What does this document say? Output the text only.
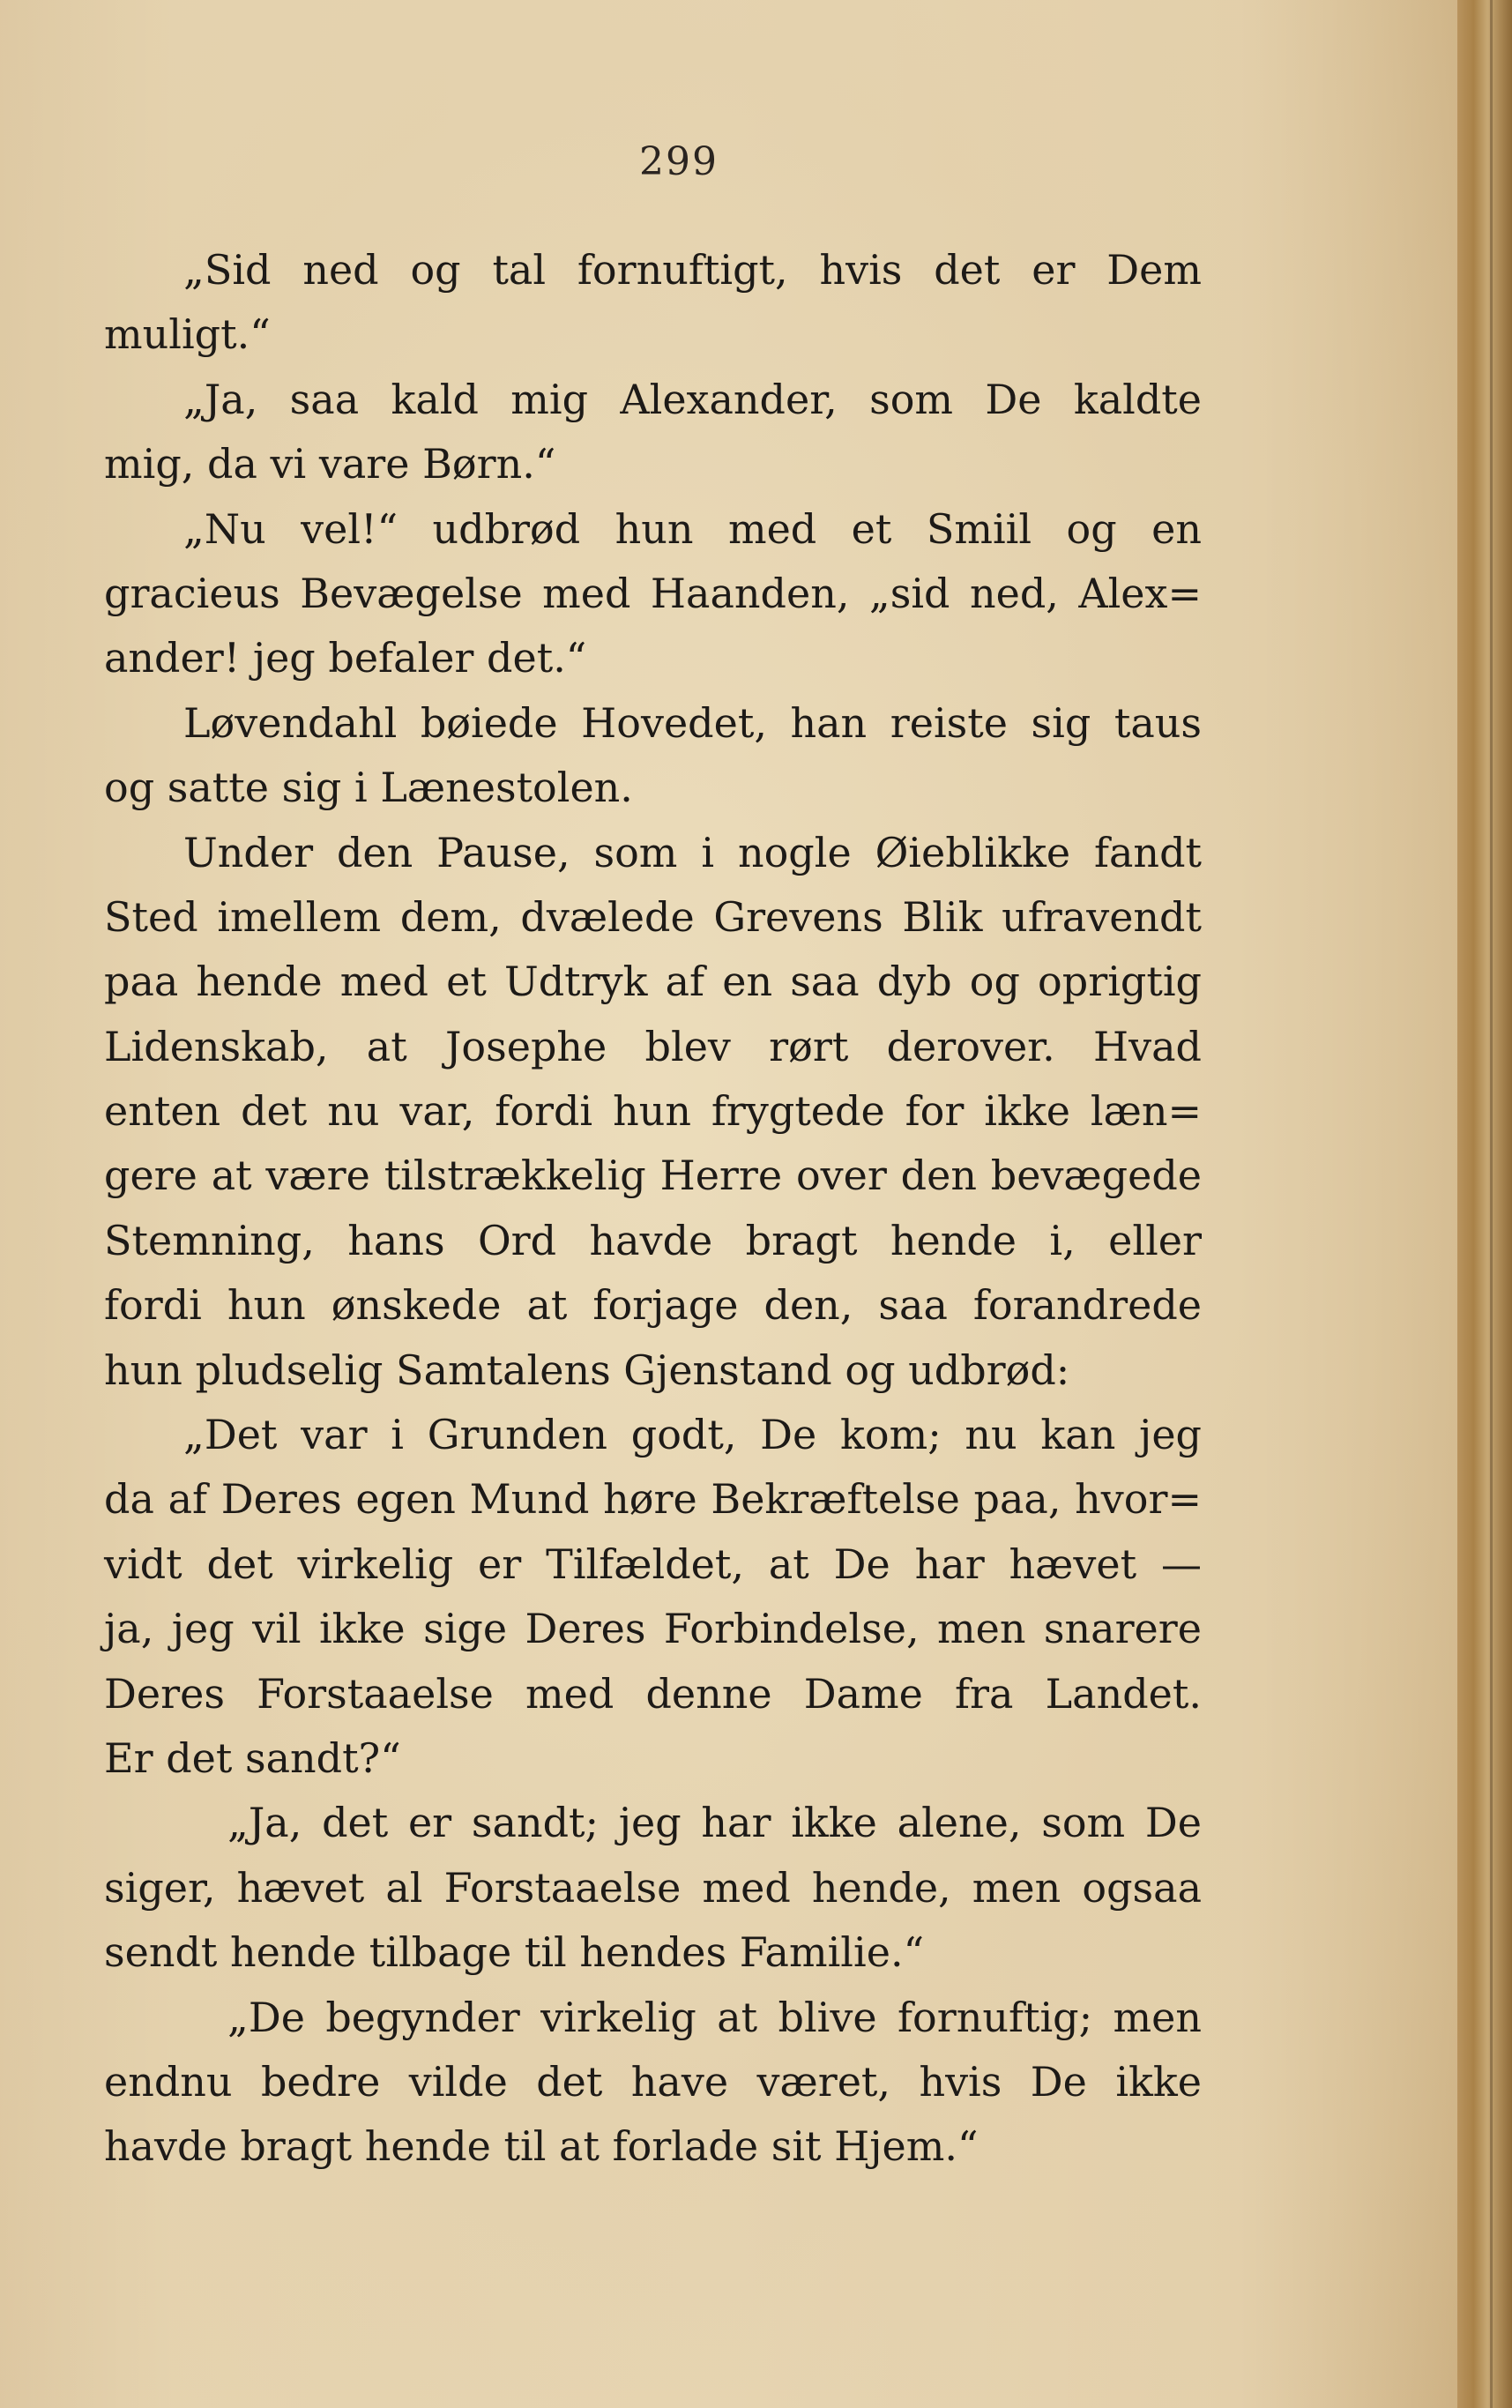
299
„Sid ned og tal fornuftigt, hvis det er Dem
muligt.“
„Ja, saa kald mig Alexander, som De kaldte
mig, da vi vare Børn.“
„Nu vel!“ udbrød hun med et Smiil og en
gracieus Bevægelse med Haanden, „sid ned, Alex=
ander! jeg befaler det.“
Løvendahl bøiede Hovedet, han reiste sig taus
og satte sig i Lænestolen.
Under den Pause, som i nogle Øieblikke fandt
Sted imellem dem, dvælede Grevens Blik ufravendt
paa hende med et Udtryk af en saa dyb og oprigtig
Lidenskab, at Josephe blev rørt derover. Hvad
enten det nu var, fordi hun frygtede for ikke læn=
gere at være tilstrækkelig Herre over den bevægede
Stemning, hans Ord havde bragt hende i, eller
fordi hun ønskede at forjage den, saa forandrede
hun pludselig Samtalens Gjenstand og udbrød:
„Det var i Grunden godt, De kom; nu kan jeg
da af Deres egen Mund høre Bekræftelse paa, hvor=
vidt det virkelig er Tilfældet, at De har hævet —
ja, jeg vil ikke sige Deres Forbindelse, men snarere
Deres Forstaaelse med denne Dame fra Landet.
Er det sandt?“
„Ja, det er sandt; jeg har ikke alene, som De
siger, hævet al Forstaaelse med hende, men ogsaa
sendt hende tilbage til hendes Familie.“
„De begynder virkelig at blive fornuftig; men
endnu bedre vilde det have været, hvis De ikke
havde bragt hende til at forlade sit Hjem.“
